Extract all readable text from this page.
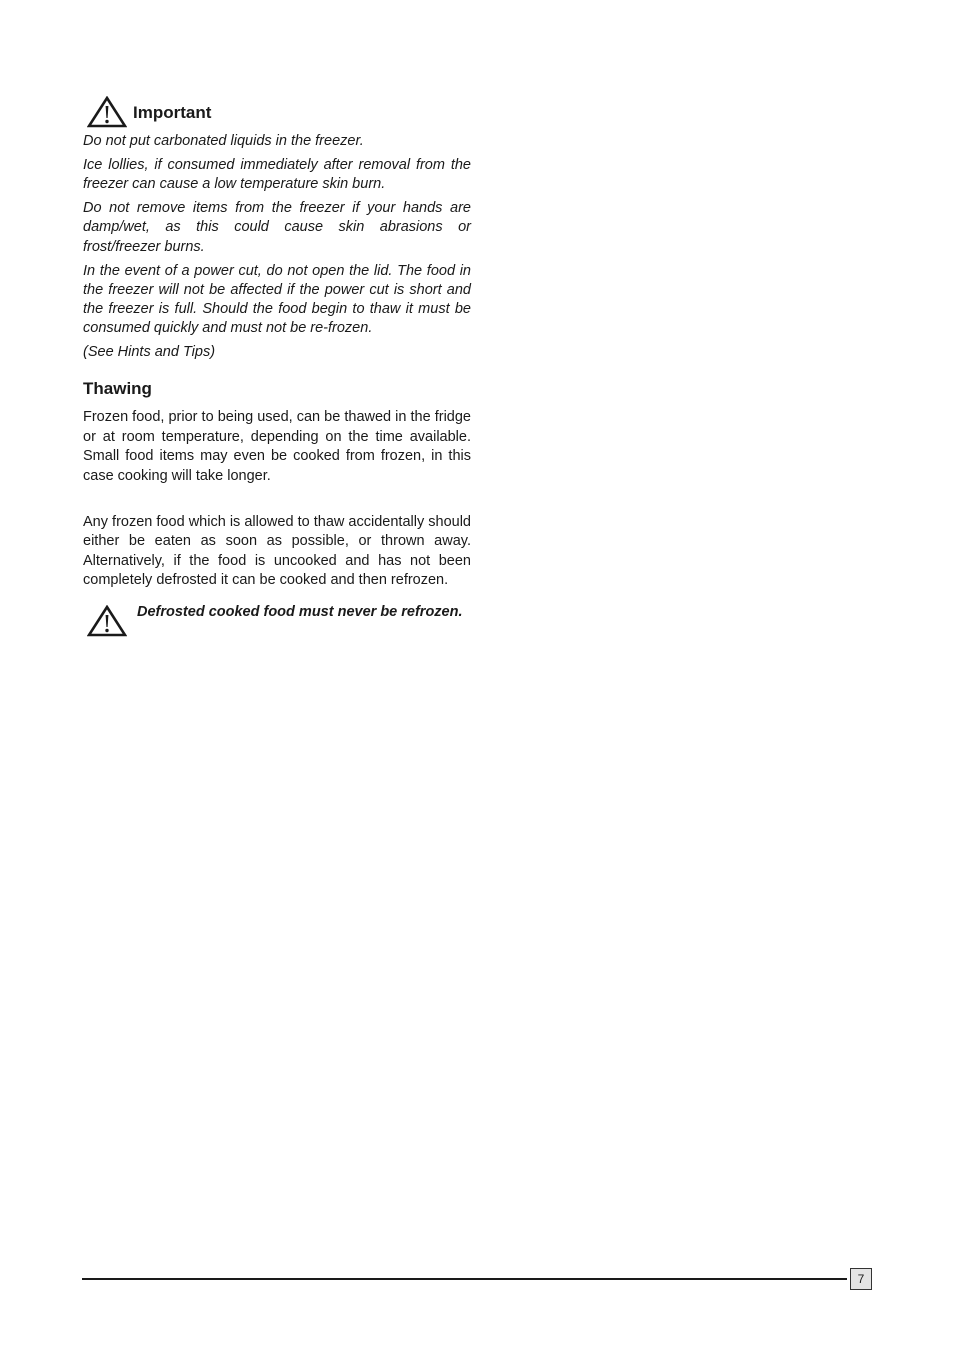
Important

Do not put carbonated liquids in the freezer.

Ice lollies, if consumed immediately after removal from the freezer can cause a low temperature skin burn.

Do not remove items from the freezer if your hands are damp/wet, as this could cause skin abrasions or frost/freezer burns.

In the event of a power cut, do not open the lid. The food in the freezer will not be affected if the power cut is short and the freezer is full. Should the food begin to thaw it must be consumed quickly and must not be re-frozen.

(See Hints and Tips)

Thawing

Frozen food, prior to being used, can be thawed in the fridge or at room temperature, depending on the time available. Small food items may even be cooked from frozen, in this case cooking will take longer.

Any frozen food which is allowed to thaw accidentally should either be eaten as soon as possible, or thrown away. Alternatively, if the food is uncooked and has not been completely defrosted it can be cooked and then refrozen.

Defrosted cooked food must never be refrozen.
7
